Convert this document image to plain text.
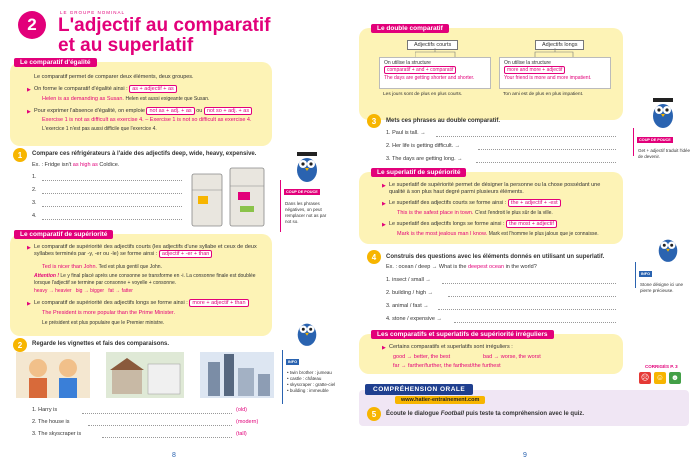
2
LE GROUPE NOMINAL
L'adjectif au comparatif
et au superlatif
Le comparatif d'égalité
Le comparatif permet de comparer deux éléments, deux groupes.
▶ On forme le comparatif d'égalité ainsi : as + adjectif + as
Helen is as demanding as Susan. Helen est aussi exigeante que Susan.
▶ Pour exprimer l'absence d'égalité, on emploie not as + adj. + as ou not so + adj. + as
Exercise 1 is not as difficult as exercise 4. – Exercise 1 is not so difficult as exercise 4.
L'exercice 1 n'est pas aussi difficile que l'exercice 4.
1	Compare ces réfrigérateurs à l'aide des adjectifs deep, wide, heavy, expensive.
Ex. : Fridge isn't as high as Coldice.
1.
2.
3.
4.
COUP DE POUCE
Dans les phrases négatives, on peut remplacer not as par not so.
Le comparatif de supériorité
▶ Le comparatif de supériorité des adjectifs courts (les adjectifs d'une syllabe et ceux de deux syllabes terminés par -y, -er ou -le) se forme ainsi : adjectif + -er + than
Ted is nicer than John. Ted est plus gentil que John.
Attention ! Le y final placé après une consonne se transforme en -i. La consonne finale est doublée lorsque l'adjectif se termine par consonne + voyelle + consonne.
heavy → heavier big → bigger fat → fatter
▶ Le comparatif de supériorité des adjectifs longs se forme ainsi : more + adjectif + than
The President is more popular than the Prime Minister.
Le président est plus populaire que le Premier ministre.
2	Regarde les vignettes et fais des comparaisons.
1. Harry is	(old)
2. The house is	(modern)
3. The skyscraper is	(tall)
INFO
• twin brother : jumeau
• castle : château
• skyscraper : gratte-ciel
• building : immeuble
8
Le double comparatif
Adjectifs courts	Adjectifs longs
On utilise la structure
comparatif + and + comparatif
The days are getting shorter and shorter.
Les jours sont de plus en plus courts.
On utilise la structure
more and more + adjectif
Your friend is more and more impatient.
Ton ami est de plus en plus impatient.
3	Mets ces phrases au double comparatif.
1. Paul is tall. →
2. Her life is getting difficult. →
3. The days are getting long. →
COUP DE POUCE
Get + adjectif traduit l'idée de devenir.
Le superlatif de supériorité
▶ Le superlatif de supériorité permet de désigner la personne ou la chose possédant une qualité à son plus haut degré parmi plusieurs éléments.
▶ Le superlatif des adjectifs courts se forme ainsi : the + adjectif + -est
This is the safest place in town. C'est l'endroit le plus sûr de la ville.
▶ Le superlatif des adjectifs longs se forme ainsi : the most + adjectif
Mark is the most jealous man I know. Mark est l'homme le plus jaloux que je connaisse.
4	Construis des questions avec les éléments donnés en utilisant un superlatif.
Ex. : ocean / deep → What is the deepest ocean in the world?
1. insect / small →
2. building / high →
3. animal / fast →
4. stone / expensive →
INFO
Stone désigne ici une pierre précieuse.
Les comparatifs et superlatifs de supériorité irréguliers
▶ Certains comparatifs et superlatifs sont irréguliers :
good → better, the best	bad → worse, the worst
far → farther/further, the farthest/the furthest
COMPRÉHENSION ORALE
www.hatier-entrainement.com
5	Écoute le dialogue Football puis teste ta compréhension avec le quiz.
CORRIGÉS P. 3
☹ ☺ ☻
9
